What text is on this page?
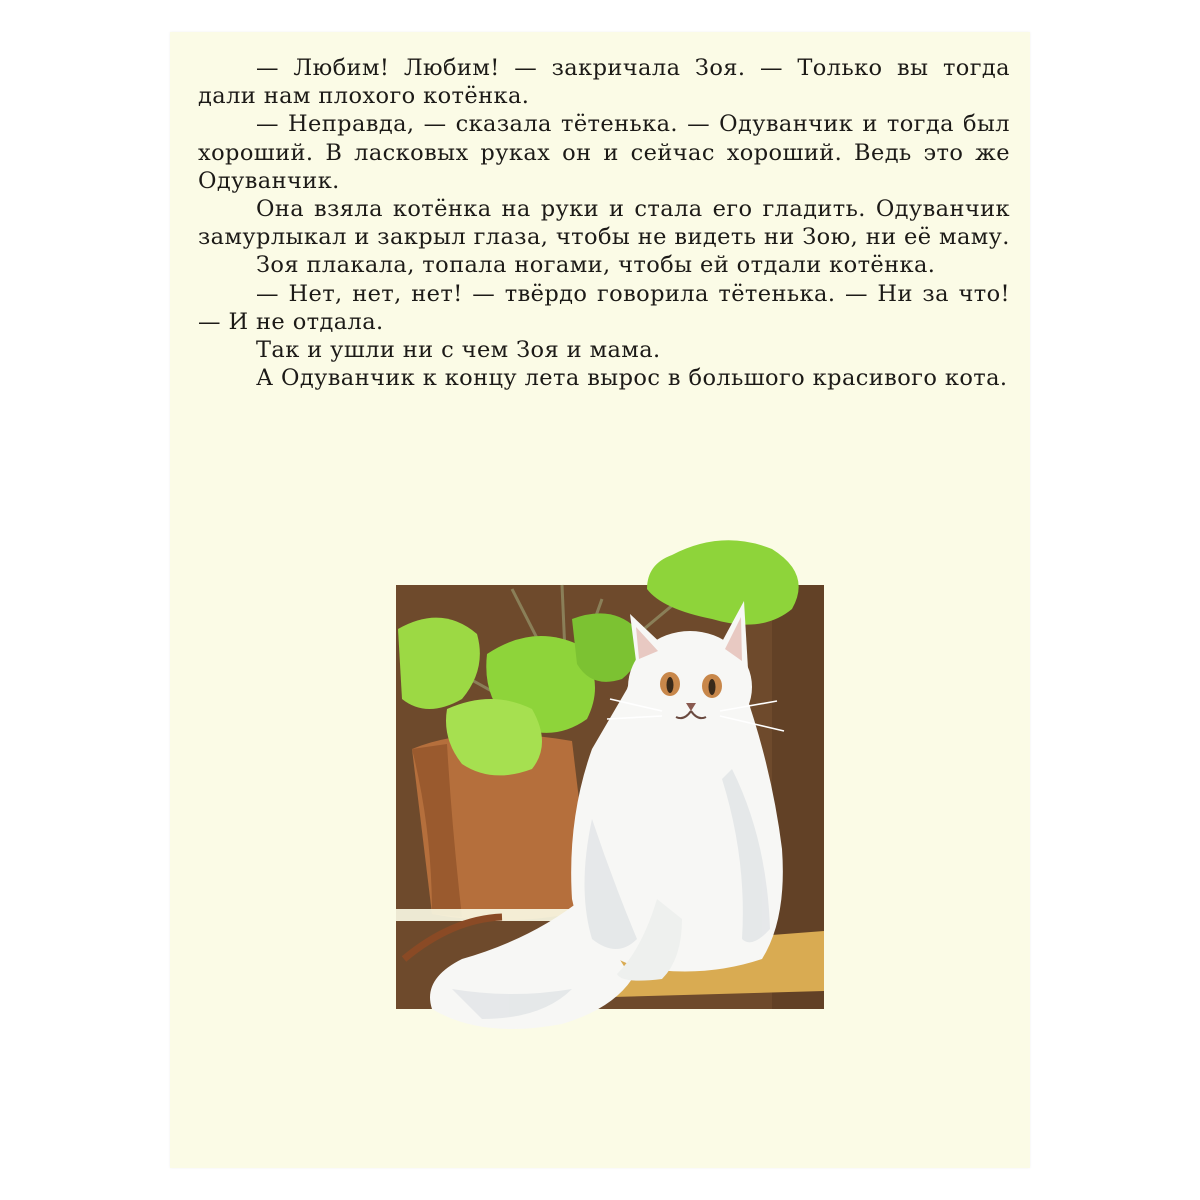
— Любим! Любим! — закричала Зоя. — Только вы тогда дали нам плохого котёнка.

— Неправда, — сказала тётенька. — Одуванчик и тогда был хороший. В ласковых руках он и сейчас хороший. Ведь это же Одуванчик.

Она взяла котёнка на руки и стала его гладить. Одуванчик замурлыкал и закрыл глаза, чтобы не видеть ни Зою, ни её маму.

Зоя плакала, топала ногами, чтобы ей отдали котёнка.

— Нет, нет, нет! — твёрдо говорила тётенька. — Ни за что! — И не отдала.

Так и ушли ни с чем Зоя и мама.

А Одуванчик к концу лета вырос в большого красивого кота.
